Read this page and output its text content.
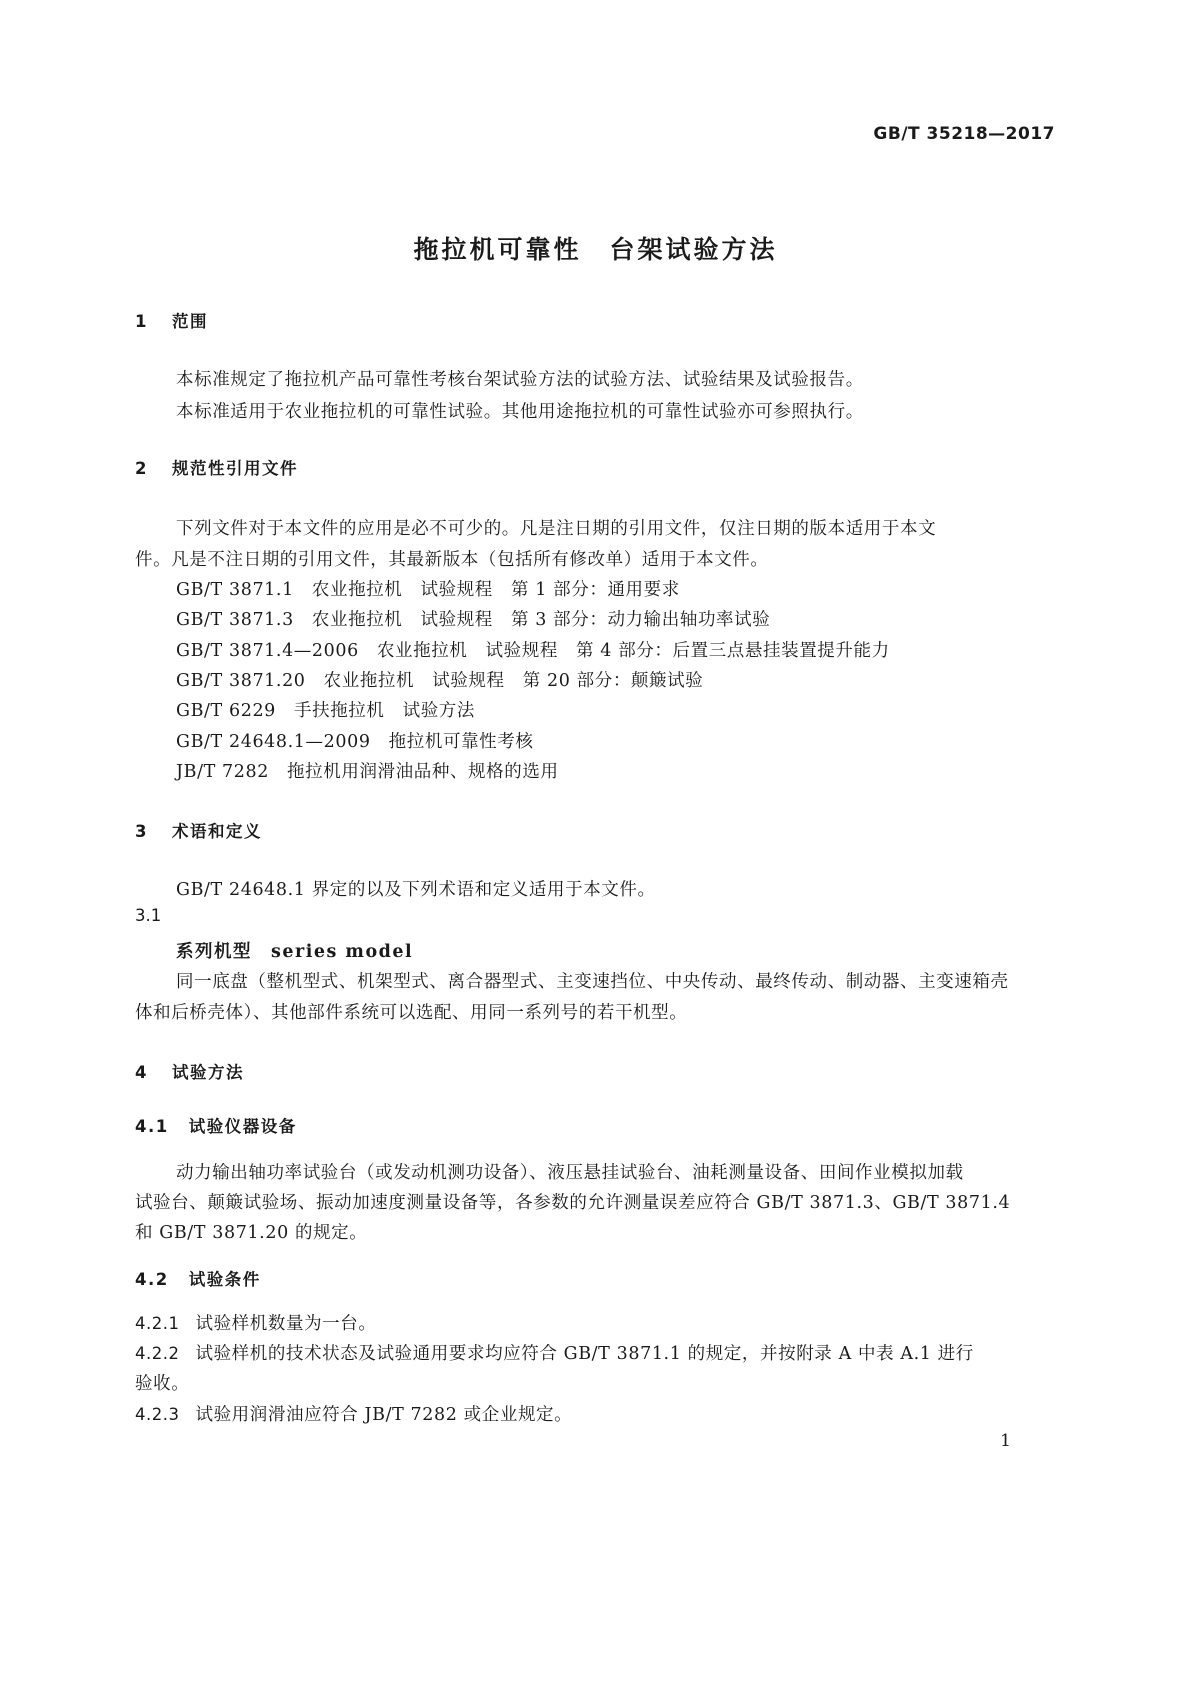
GB/T 35218—2017
拖拉机可靠性　台架试验方法
1 范围
本标准规定了拖拉机产品可靠性考核台架试验方法的试验方法、试验结果及试验报告。
本标准适用于农业拖拉机的可靠性试验。其他用途拖拉机的可靠性试验亦可参照执行。
2 规范性引用文件
下列文件对于本文件的应用是必不可少的。凡是注日期的引用文件，仅注日期的版本适用于本文
件。凡是不注日期的引用文件，其最新版本（包括所有修改单）适用于本文件。
GB/T 3871.1　农业拖拉机　试验规程　第 1 部分：通用要求
GB/T 3871.3　农业拖拉机　试验规程　第 3 部分：动力输出轴功率试验
GB/T 3871.4—2006　农业拖拉机　试验规程　第 4 部分：后置三点悬挂装置提升能力
GB/T 3871.20　农业拖拉机　试验规程　第 20 部分：颠簸试验
GB/T 6229　手扶拖拉机　试验方法
GB/T 24648.1—2009　拖拉机可靠性考核
JB/T 7282　拖拉机用润滑油品种、规格的选用
3 术语和定义
GB/T 24648.1 界定的以及下列术语和定义适用于本文件。
3.1
系列机型　series model
同一底盘（整机型式、机架型式、离合器型式、主变速挡位、中央传动、最终传动、制动器、主变速箱壳
体和后桥壳体）、其他部件系统可以选配、用同一系列号的若干机型。
4 试验方法
4.1 试验仪器设备
动力输出轴功率试验台（或发动机测功设备）、液压悬挂试验台、油耗测量设备、田间作业模拟加载
试验台、颠簸试验场、振动加速度测量设备等，各参数的允许测量误差应符合 GB/T 3871.3、GB/T 3871.4
和 GB/T 3871.20 的规定。
4.2 试验条件
4.2.1 试验样机数量为一台。
4.2.2 试验样机的技术状态及试验通用要求均应符合 GB/T 3871.1 的规定，并按附录 A 中表 A.1 进行
验收。
4.2.3 试验用润滑油应符合 JB/T 7282 或企业规定。
1
